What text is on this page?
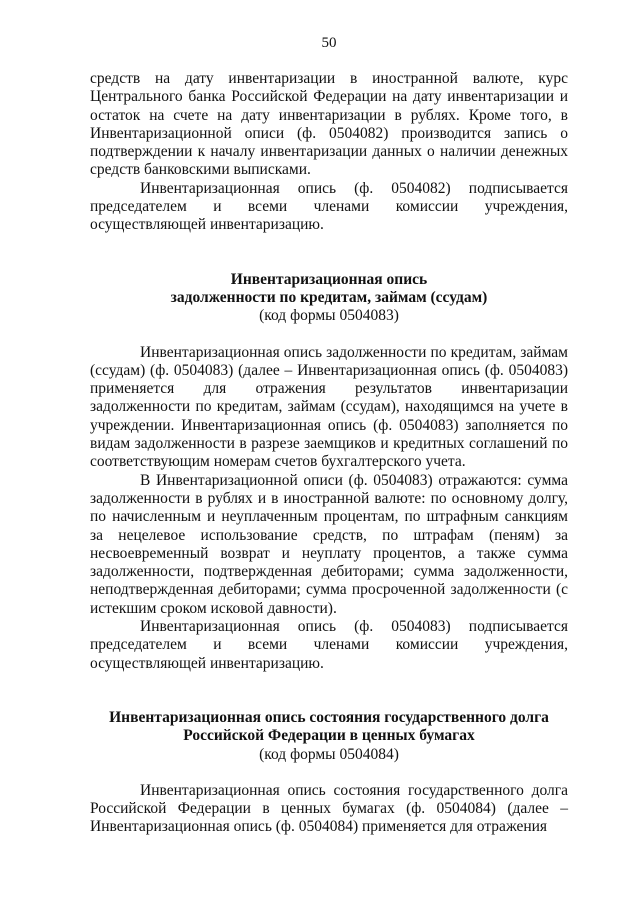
50

средств на дату инвентаризации в иностранной валюте, курс Центрального банка Российской Федерации на дату инвентаризации и остаток на счете на дату инвентаризации в рублях. Кроме того, в Инвентаризационной описи (ф. 0504082) производится запись о подтверждении к началу инвентаризации данных о наличии денежных средств банковскими выписками.

Инвентаризационная опись (ф. 0504082) подписывается председателем и всеми членами комиссии учреждения, осуществляющей инвентаризацию.

Инвентаризационная опись
задолженности по кредитам, займам (ссудам)
(код формы 0504083)

Инвентаризационная опись задолженности по кредитам, займам (ссудам) (ф. 0504083) (далее – Инвентаризационная опись (ф. 0504083) применяется для отражения результатов инвентаризации задолженности по кредитам, займам (ссудам), находящимся на учете в учреждении. Инвентаризационная опись (ф. 0504083) заполняется по видам задолженности в разрезе заемщиков и кредитных соглашений по соответствующим номерам счетов бухгалтерского учета.

В Инвентаризационной описи (ф. 0504083) отражаются: сумма задолженности в рублях и в иностранной валюте: по основному долгу, по начисленным и неуплаченным процентам, по штрафным санкциям за нецелевое использование средств, по штрафам (пеням) за несвоевременный возврат и неуплату процентов, а также сумма задолженности, подтвержденная дебиторами; сумма задолженности, неподтвержденная дебиторами; сумма просроченной задолженности (с истекшим сроком исковой давности).

Инвентаризационная опись (ф. 0504083) подписывается председателем и всеми членами комиссии учреждения, осуществляющей инвентаризацию.

Инвентаризационная опись состояния государственного долга
Российской Федерации в ценных бумагах
(код формы 0504084)

Инвентаризационная опись состояния государственного долга Российской Федерации в ценных бумагах (ф. 0504084) (далее – Инвентаризационная опись (ф. 0504084) применяется для отражения
